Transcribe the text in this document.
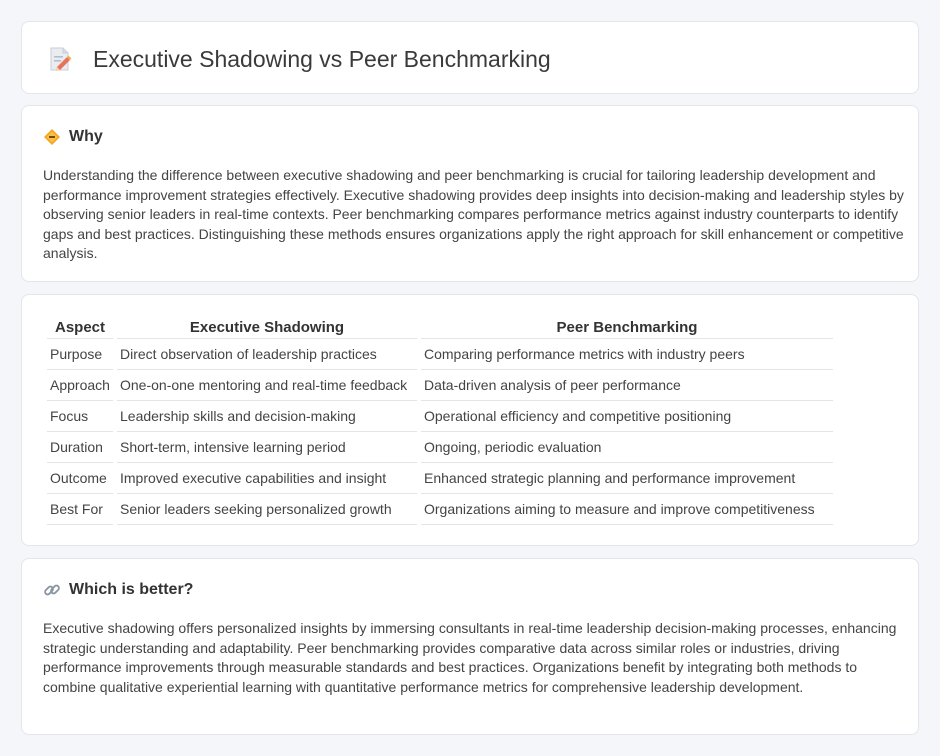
Executive Shadowing vs Peer Benchmarking
Why

Understanding the difference between executive shadowing and peer benchmarking is crucial for tailoring leadership development and performance improvement strategies effectively. Executive shadowing provides deep insights into decision-making and leadership styles by observing senior leaders in real-time contexts. Peer benchmarking compares performance metrics against industry counterparts to identify gaps and best practices. Distinguishing these methods ensures organizations apply the right approach for skill enhancement or competitive analysis.

Aspect	Executive Shadowing	Peer Benchmarking
Purpose	Direct observation of leadership practices	Comparing performance metrics with industry peers
Approach	One-on-one mentoring and real-time feedback	Data-driven analysis of peer performance
Focus	Leadership skills and decision-making	Operational efficiency and competitive positioning
Duration	Short-term, intensive learning period	Ongoing, periodic evaluation
Outcome	Improved executive capabilities and insight	Enhanced strategic planning and performance improvement
Best For	Senior leaders seeking personalized growth	Organizations aiming to measure and improve competitiveness
Which is better?

Executive shadowing offers personalized insights by immersing consultants in real-time leadership decision-making processes, enhancing strategic understanding and adaptability. Peer benchmarking provides comparative data across similar roles or industries, driving performance improvements through measurable standards and best practices. Organizations benefit by integrating both methods to combine qualitative experiential learning with quantitative performance metrics for comprehensive leadership development.
